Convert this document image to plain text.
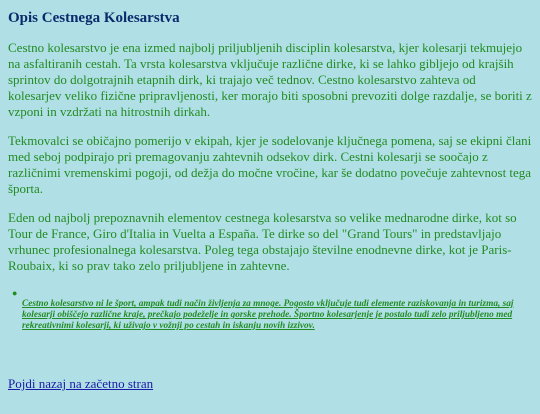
Opis Cestnega Kolesarstva

Cestno kolesarstvo je ena izmed najbolj priljubljenih disciplin kolesarstva, kjer kolesarji tekmujejo na asfaltiranih cestah. Ta vrsta kolesarstva vključuje različne dirke, ki se lahko gibljejo od krajših sprintov do dolgotrajnih etapnih dirk, ki trajajo več tednov. Cestno kolesarstvo zahteva od kolesarjev veliko fizične pripravljenosti, ker morajo biti sposobni prevoziti dolge razdalje, se boriti z vzponi in vzdržati na hitrostnih dirkah.

Tekmovalci se običajno pomerijo v ekipah, kjer je sodelovanje ključnega pomena, saj se ekipni člani med seboj podpirajo pri premagovanju zahtevnih odsekov dirk. Cestni kolesarji se soočajo z različnimi vremenskimi pogoji, od dežja do močne vročine, kar še dodatno povečuje zahtevnost tega športa.

Eden od najbolj prepoznavnih elementov cestnega kolesarstva so velike mednarodne dirke, kot so Tour de France, Giro d'Italia in Vuelta a España. Te dirke so del "Grand Tours" in predstavljajo vrhunec profesionalnega kolesarstva. Poleg tega obstajajo številne enodnevne dirke, kot je Paris-Roubaix, ki so prav tako zelo priljubljene in zahtevne.

●
Cestno kolesarstvo ni le šport, ampak tudi način življenja za mnoge. Pogosto vključuje tudi elemente raziskovanja in turizma, saj kolesarji obiščejo različne kraje, prečkajo podeželje in gorske prehode. Športno kolesarjenje je postalo tudi zelo priljubljeno med rekreativnimi kolesarji, ki uživajo v vožnji po cestah in iskanju novih izzivov.
Pojdi nazaj na začetno stran
